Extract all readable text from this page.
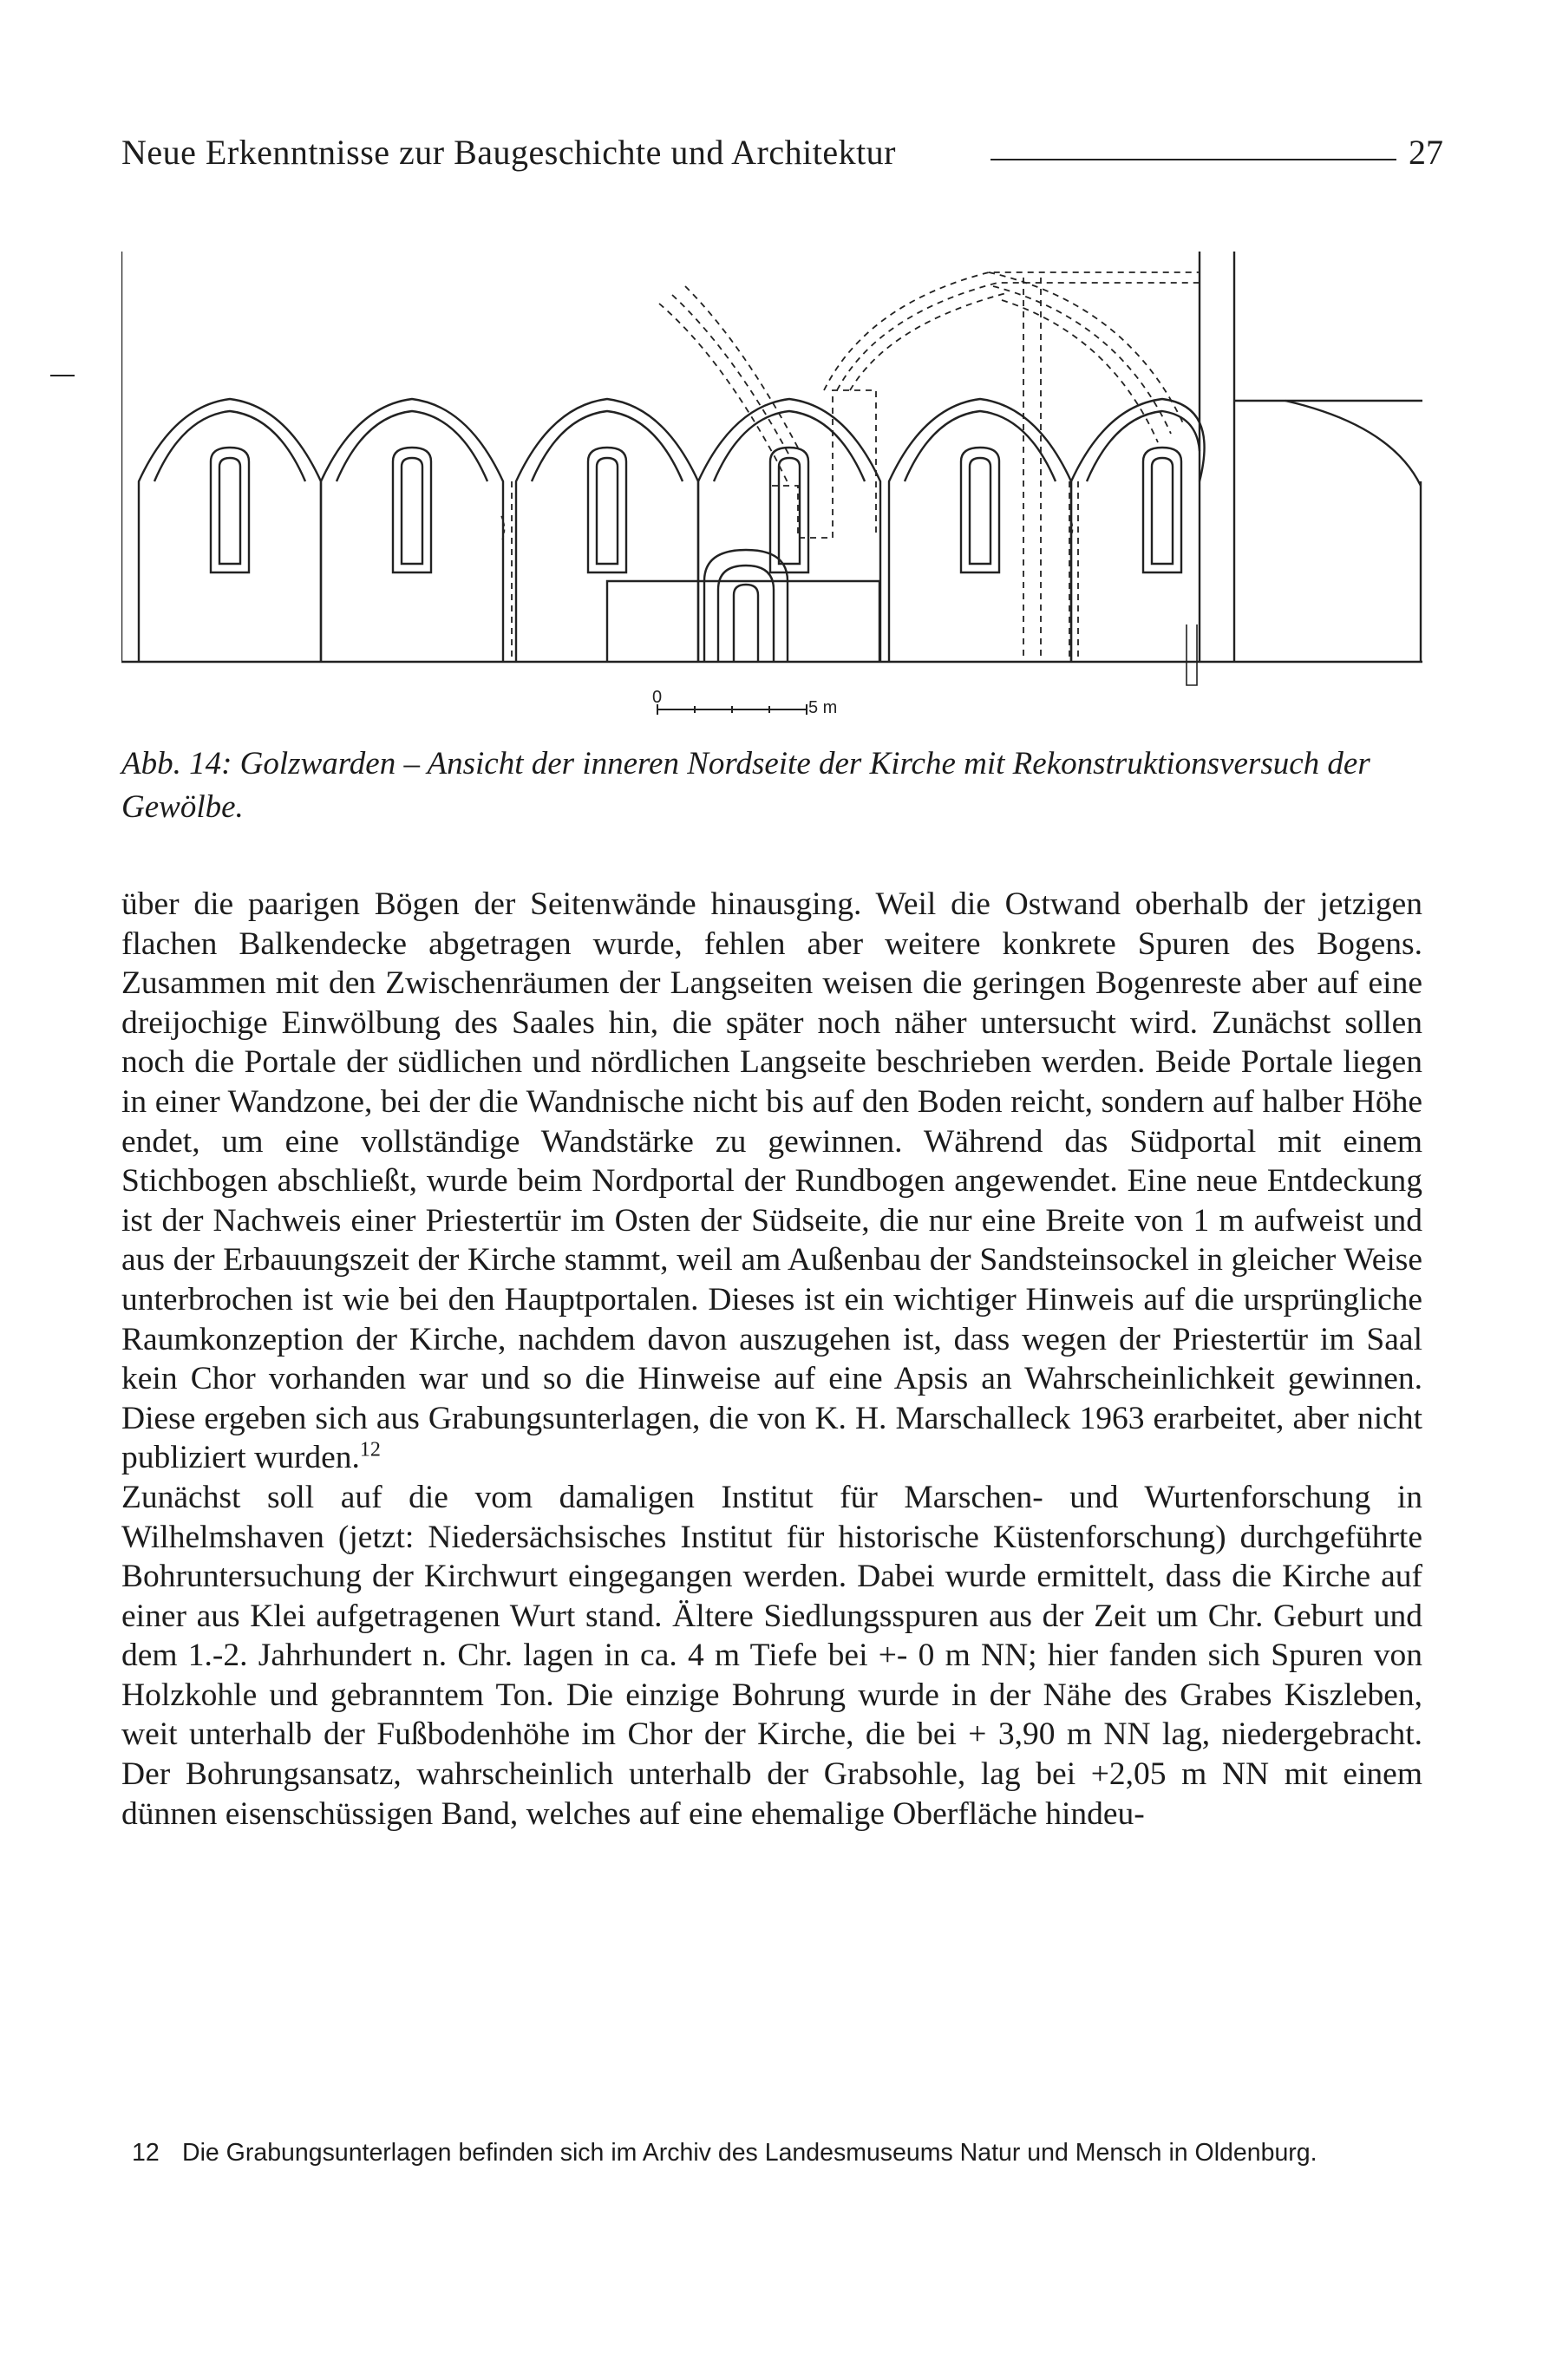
Neue Erkenntnisse zur Baugeschichte und Architektur	27
0
5 m
Abb. 14: Golzwarden – Ansicht der inneren Nordseite der Kirche mit Rekonstruktionsversuch der Gewölbe.

über die paarigen Bögen der Seitenwände hinausging. Weil die Ostwand oberhalb der jetzigen flachen Balkendecke abgetragen wurde, fehlen aber weitere konkrete Spuren des Bogens. Zusammen mit den Zwischenräumen der Langseiten weisen die geringen Bogenreste aber auf eine dreijochige Einwölbung des Saales hin, die später noch näher untersucht wird. Zunächst sollen noch die Portale der südlichen und nördlichen Langseite beschrieben werden. Beide Portale liegen in einer Wandzone, bei der die Wandnische nicht bis auf den Boden reicht, sondern auf halber Höhe endet, um eine vollständige Wandstärke zu gewinnen. Während das Südportal mit einem Stichbogen abschließt, wurde beim Nordportal der Rundbogen angewendet. Eine neue Entdeckung ist der Nachweis einer Priestertür im Osten der Südseite, die nur eine Breite von 1 m aufweist und aus der Erbauungszeit der Kirche stammt, weil am Außenbau der Sandsteinsockel in gleicher Weise unterbrochen ist wie bei den Hauptportalen. Dieses ist ein wichtiger Hinweis auf die ursprüngliche Raumkonzeption der Kirche, nachdem davon auszugehen ist, dass wegen der Priestertür im Saal kein Chor vorhanden war und so die Hinweise auf eine Apsis an Wahrscheinlichkeit gewinnen. Diese ergeben sich aus Grabungsunterlagen, die von K. H. Marschalleck 1963 erarbeitet, aber nicht publiziert wurden.$^{12}$

Zunächst soll auf die vom damaligen Institut für Marschen- und Wurtenforschung in Wilhelmshaven (jetzt: Niedersächsisches Institut für historische Küstenforschung) durchgeführte Bohruntersuchung der Kirchwurt eingegangen werden. Dabei wurde ermittelt, dass die Kirche auf einer aus Klei aufgetragenen Wurt stand. Ältere Siedlungsspuren aus der Zeit um Chr. Geburt und dem 1.-2. Jahrhundert n. Chr. lagen in ca. 4 m Tiefe bei +- 0 m NN; hier fanden sich Spuren von Holzkohle und gebranntem Ton. Die einzige Bohrung wurde in der Nähe des Grabes Kiszleben, weit unterhalb der Fußbodenhöhe im Chor der Kirche, die bei + 3,90 m NN lag, niedergebracht. Der Bohrungsansatz, wahrscheinlich unterhalb der Grabsohle, lag bei +2,05 m NN mit einem dünnen eisenschüssigen Band, welches auf eine ehemalige Oberfläche hindeu-

12 Die Grabungsunterlagen befinden sich im Archiv des Landesmuseums Natur und Mensch in Oldenburg.
